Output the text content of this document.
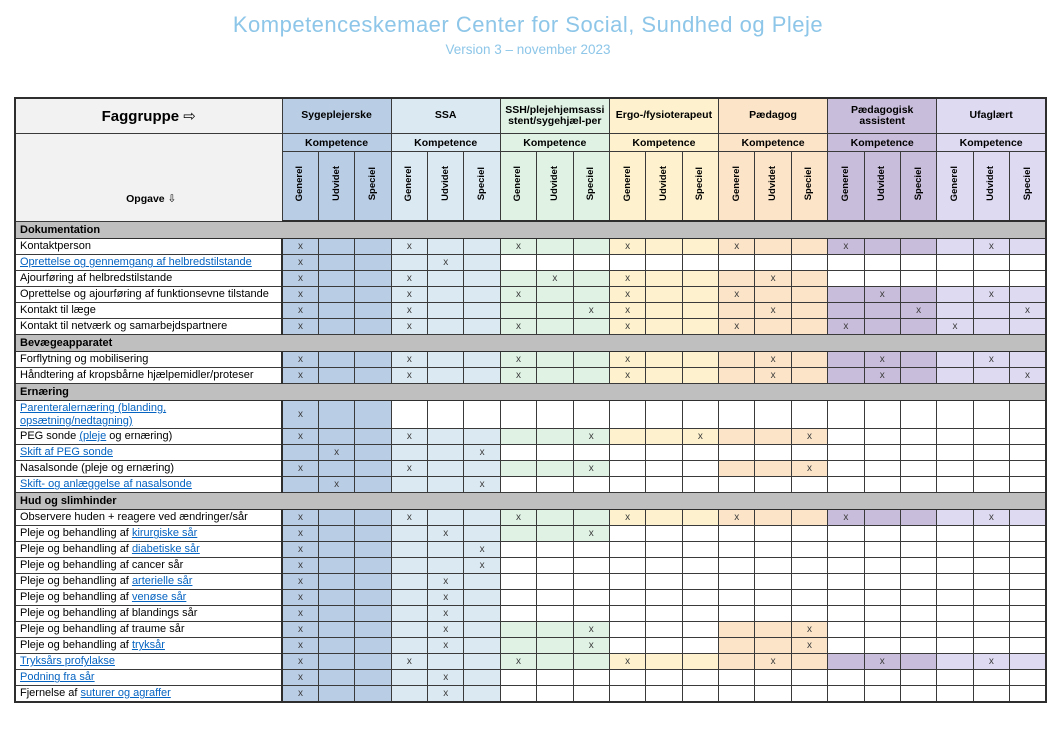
Kompetenceskemaer Center for Social, Sundhed og Pleje
Version 3 – november 2023
Faggruppe ⇨	Sygeplejerske			SSA			SSH/plejehjemsassistent/sygehjæl-per			Ergo-/fysioterapeut			Pædagog			Pædagogisk assistent			Ufaglært		
Opgave ⇩	Kompetence			Kompetence			Kompetence			Kompetence			Kompetence			Kompetence			Kompetence		
	Generel	Udvidet	Speciel	Generel	Udvidet	Speciel	Generel	Udvidet	Speciel	Generel	Udvidet	Speciel	Generel	Udvidet	Speciel	Generel	Udvidet	Speciel	Generel	Udvidet	Speciel
Dokumentation																					
Kontaktperson	x			x			x			x			x			x				x	
Oprettelse og gennemgang af helbredstilstande	x				x																
Ajourføring af helbredstilstande	x			x				x		x				x							
Oprettelse og ajourføring af funktionsevne tilstande	x			x			x			x			x				x			x	
Kontakt til læge	x			x					x	x				x				x			x
Kontakt til netværk og samarbejdspartnere	x			x			x			x			x			x			x		
Bevægeapparatet																					
Forflytning og mobilisering	x			x			x			x				x			x			x	
Håndtering af kropsbårne hjælpemidler/proteser	x			x			x			x				x			x				x
Ernæring																					
Parenteralernæring (blanding, opsætning/nedtagning)	x																				
PEG sonde (pleje og ernæring)	x			x					x			x			x						
Skift af PEG sonde		x				x															
Nasalsonde (pleje og ernæring)	x			x					x						x						
Skift- og anlæggelse af nasalsonde		x				x															
Hud og slimhinder																					
Observere huden + reagere ved ændringer/sår	x			x			x			x			x			x				x	
Pleje og behandling af kirurgiske sår	x				x				x												
Pleje og behandling af diabetiske sår	x					x															
Pleje og behandling af cancer sår	x					x															
Pleje og behandling af arterielle sår	x				x																
Pleje og behandling af venøse sår	x				x																
Pleje og behandling af blandings sår	x				x																
Pleje og behandling af traume sår	x				x				x						x						
Pleje og behandling af tryksår	x				x				x						x						
Tryksårs profylakse	x			x			x			x				x			x			x	
Podning fra sår	x				x																
Fjernelse af suturer og agraffer	x				x																
